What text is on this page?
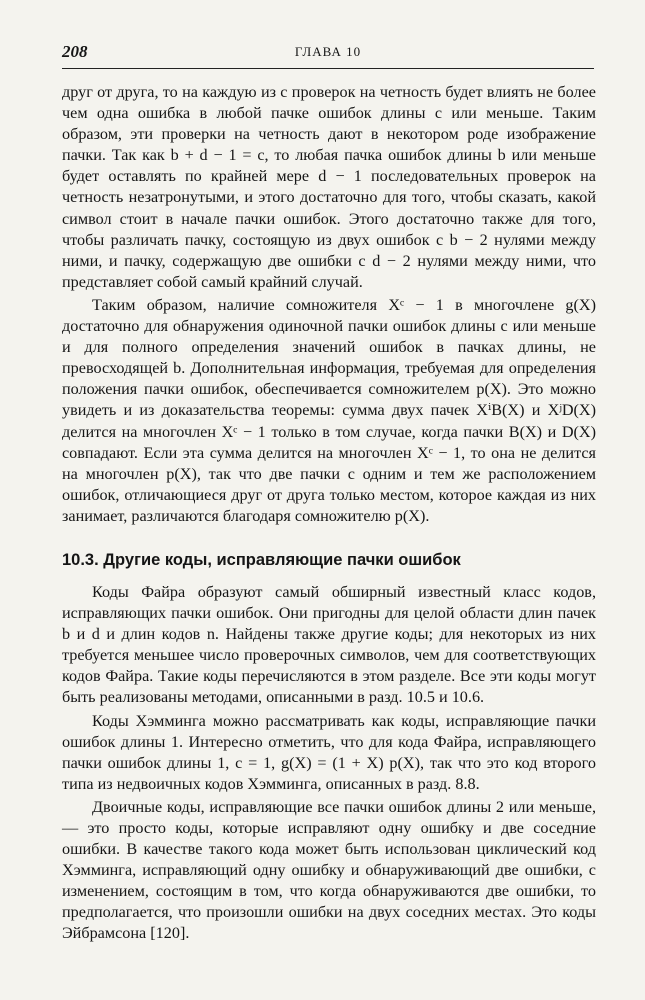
208	ГЛАВА 10

друг от друга, то на каждую из c проверок на четность будет влиять не более чем одна ошибка в любой пачке ошибок длины c или меньше. Таким образом, эти проверки на четность дают в некотором роде изображение пачки. Так как b + d − 1 = c, то любая пачка ошибок длины b или меньше будет оставлять по крайней мере d − 1 последовательных проверок на четность незатронутыми, и этого достаточно для того, чтобы сказать, какой символ стоит в начале пачки ошибок. Этого достаточно также для того, чтобы различать пачку, состоящую из двух ошибок с b − 2 нулями между ними, и пачку, содержащую две ошибки с d − 2 нулями между ними, что представляет собой самый крайний случай.

Таким образом, наличие сомножителя Xᶜ − 1 в многочлене g(X) достаточно для обнаружения одиночной пачки ошибок длины c или меньше и для полного определения значений ошибок в пачках длины, не превосходящей b. Дополнительная информация, требуемая для определения положения пачки ошибок, обеспечивается сомножителем p(X). Это можно увидеть и из доказательства теоремы: сумма двух пачек XⁱB(X) и XʲD(X) делится на многочлен Xᶜ − 1 только в том случае, когда пачки B(X) и D(X) совпадают. Если эта сумма делится на многочлен Xᶜ − 1, то она не делится на многочлен p(X), так что две пачки с одним и тем же расположением ошибок, отличающиеся друг от друга только местом, которое каждая из них занимает, различаются благодаря сомножителю p(X).

10.3. Другие коды, исправляющие пачки ошибок

Коды Файра образуют самый обширный известный класс кодов, исправляющих пачки ошибок. Они пригодны для целой области длин пачек b и d и длин кодов n. Найдены также другие коды; для некоторых из них требуется меньшее число проверочных символов, чем для соответствующих кодов Файра. Такие коды перечисляются в этом разделе. Все эти коды могут быть реализованы методами, описанными в разд. 10.5 и 10.6.

Коды Хэмминга можно рассматривать как коды, исправляющие пачки ошибок длины 1. Интересно отметить, что для кода Файра, исправляющего пачки ошибок длины 1, c = 1, g(X) = (1 + X) p(X), так что это код второго типа из недвоичных кодов Хэмминга, описанных в разд. 8.8.

Двоичные коды, исправляющие все пачки ошибок длины 2 или меньше, — это просто коды, которые исправляют одну ошибку и две соседние ошибки. В качестве такого кода может быть использован циклический код Хэмминга, исправляющий одну ошибку и обнаруживающий две ошибки, с изменением, состоящим в том, что когда обнаруживаются две ошибки, то предполагается, что произошли ошибки на двух соседних местах. Это коды Эйбрамсона [120].
